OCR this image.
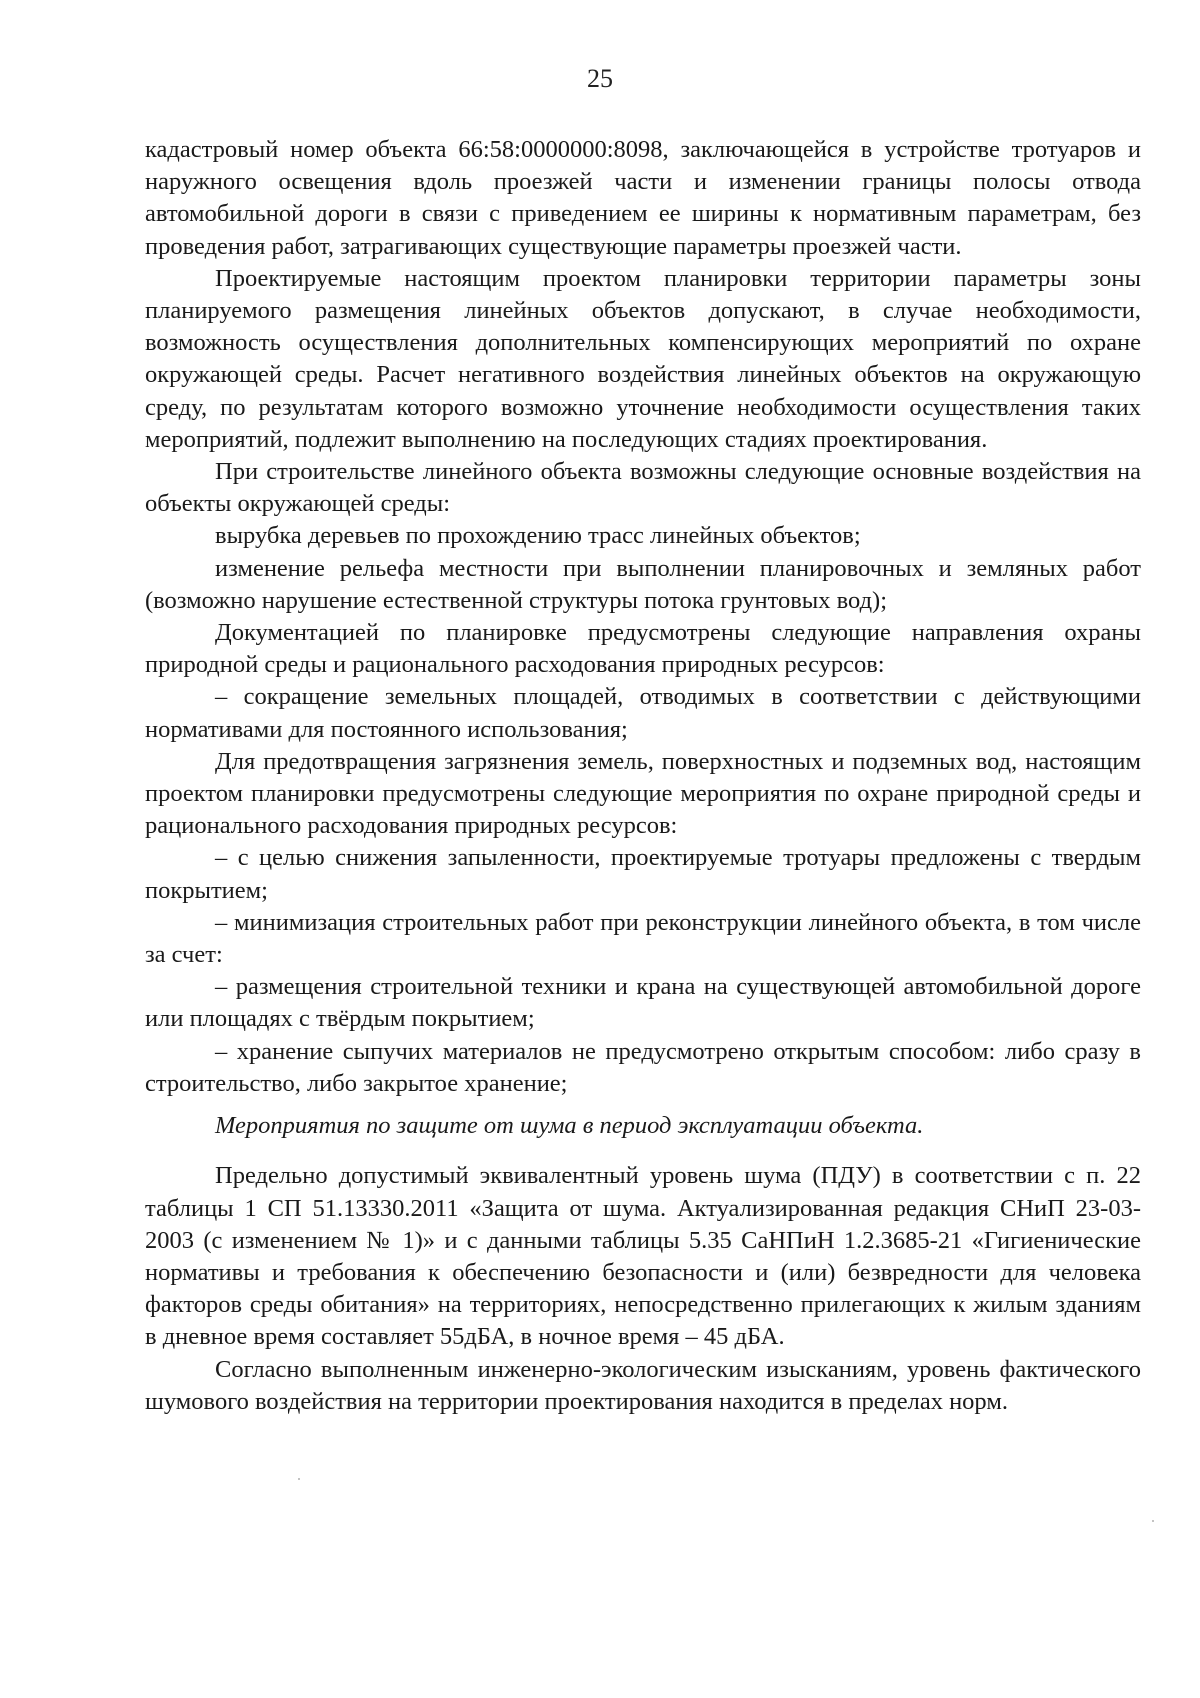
25

кадастровый номер объекта 66:58:0000000:8098, заключающейся в устройстве тротуаров и наружного освещения вдоль проезжей части и изменении границы полосы отвода автомобильной дороги в связи с приведением ее ширины к нормативным параметрам, без проведения работ, затрагивающих существующие параметры проезжей части.

Проектируемые настоящим проектом планировки территории параметры зоны планируемого размещения линейных объектов допускают, в случае необходимости, возможность осуществления дополнительных компенсирующих мероприятий по охране окружающей среды. Расчет негативного воздействия линейных объектов на окружающую среду, по результатам которого возможно уточнение необходимости осуществления таких мероприятий, подлежит выполнению на последующих стадиях проектирования.

При строительстве линейного объекта возможны следующие основные воздействия на объекты окружающей среды:

вырубка деревьев по прохождению трасс линейных объектов;

изменение рельефа местности при выполнении планировочных и земляных работ (возможно нарушение естественной структуры потока грунтовых вод);

Документацией по планировке предусмотрены следующие направления охраны природной среды и рационального расходования природных ресурсов:

– сокращение земельных площадей, отводимых в соответствии с действующими нормативами для постоянного использования;

Для предотвращения загрязнения земель, поверхностных и подземных вод, настоящим проектом планировки предусмотрены следующие мероприятия по охране природной среды и рационального расходования природных ресурсов:

– с целью снижения запыленности, проектируемые тротуары предложены с твердым покрытием;

– минимизация строительных работ при реконструкции линейного объекта, в том числе за счет:

– размещения строительной техники и крана на существующей автомобильной дороге или площадях с твёрдым покрытием;

– хранение сыпучих материалов не предусмотрено открытым способом: либо сразу в строительство, либо закрытое хранение;

Мероприятия по защите от шума в период эксплуатации объекта.

Предельно допустимый эквивалентный уровень шума (ПДУ) в соответствии с п. 22 таблицы 1 СП 51.13330.2011 «Защита от шума. Актуализированная редакция СНиП 23-03-2003 (с изменением № 1)» и с данными таблицы 5.35 СаНПиН 1.2.3685-21 «Гигиенические нормативы и требования к обеспечению безопасности и (или) безвредности для человека факторов среды обитания» на территориях, непосредственно прилегающих к жилым зданиям в дневное время составляет 55дБА, в ночное время – 45 дБА.

Согласно выполненным инженерно-экологическим изысканиям, уровень фактического шумового воздействия на территории проектирования находится в пределах норм.
